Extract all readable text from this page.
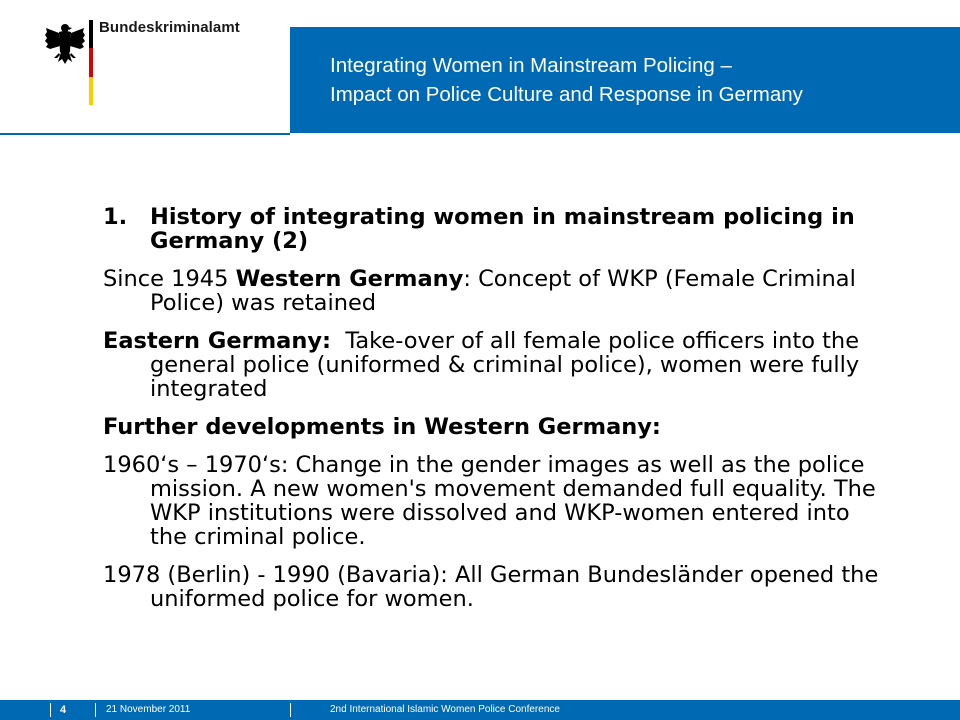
Bundeskriminalamt
Integrating Women in Mainstream Policing –
Impact on Police Culture and Response in Germany
1. History of integrating women in mainstream policing in Germany (2)
Since 1945 Western Germany: Concept of WKP (Female Criminal Police) was retained
Eastern Germany:  Take-over of all female police officers into the general police (uniformed & criminal police), women were fully integrated
Further developments in Western Germany:
1960‘s – 1970‘s: Change in the gender images as well as the police mission. A new women's movement demanded full equality. The WKP institutions were dissolved and WKP-women entered into the criminal police.
1978 (Berlin) - 1990 (Bavaria): All German Bundesländer opened the uniformed police for women.
4	21 November 2011	2nd International Islamic Women Police Conference
